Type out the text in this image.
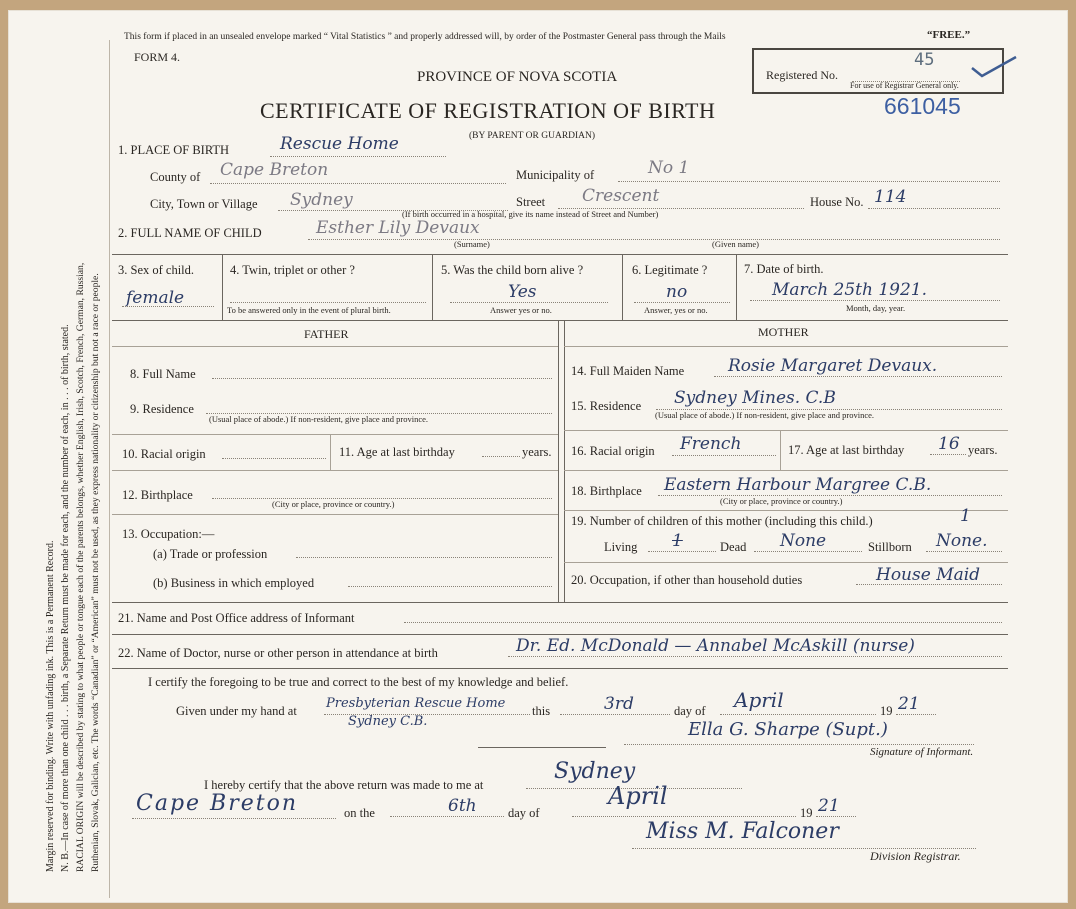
Margin reserved for binding. Write with unfading ink. This is a Permanent Record. N. B.—In case of more than one child . . . birth, a Separate Return must be made for each, and the number of each, in . . . of birth, stated. RACIAL ORIGIN will be described by stating to what people or tongue each of the parents belongs, whether English, Irish, Scotch, French, German, Russian, Ruthenian, Slovak, Galician, etc. The words “Canadian” or “American” must not be used, as they express nationality or citizenship but not a race or people.
This form if placed in an unsealed envelope marked “ Vital Statistics ” and properly addressed will, by order of the Postmaster General pass through the Mails	“FREE.”
FORM 4.
PROVINCE OF NOVA SCOTIA
CERTIFICATE OF REGISTRATION OF BIRTH
(BY PARENT OR GUARDIAN)
Registered No.
45
For use of Registrar General only.
661045
1. PLACE OF BIRTH	Rescue Home
County of Cape Breton	Municipality of	No 1
City, Town or Village Sydney	Street Crescent	House No. 114
(If birth occurred in a hospital, give its name instead of Street and Number)
2. FULL NAME OF CHILD	Esther Lily Devaux
(Surname)	(Given name)
3. Sex of child.
female
4. Twin, triplet or other ?
To be answered only in the event of plural birth.
5. Was the child born alive ?
Yes
Answer yes or no.
6. Legitimate ?
no
Answer, yes or no.
7. Date of birth.
March 25th 1921.
Month, day, year.
FATHER	MOTHER
8. Full Name
9. Residence
(Usual place of abode.) If non-resident, give place and province.
10. Racial origin	11. Age at last birthday	years.
12. Birthplace
(City or place, province or country.)
13. Occupation:—
(a) Trade or profession
(b) Business in which employed
14. Full Maiden Name	Rosie Margaret Devaux.
15. Residence Sydney Mines. C.B
(Usual place of abode.) If non-resident, give place and province.
16. Racial origin French	17. Age at last birthday 16 years.
18. Birthplace Eastern Harbour Margree C.B.
(City or place, province or country.)
19. Number of children of this mother (including this child.)	1
Living 1	Dead None	Stillborn None.
20. Occupation, if other than household duties	House Maid
21. Name and Post Office address of Informant
22. Name of Doctor, nurse or other person in attendance at birth	Dr. Ed. McDonald — Annabel McAskill (nurse)
I certify the foregoing to be true and correct to the best of my knowledge and belief.
Given under my hand at Presbyterian Rescue Home
Sydney C.B.
this	3rd	day of April	19 21
Ella G. Sharpe (Supt.)
Signature of Informant.
I hereby certify that the above return was made to me at
Sydney
Cape Breton	on the	6th	day of
April
19 21
Miss M. Falconer
Division Registrar.
